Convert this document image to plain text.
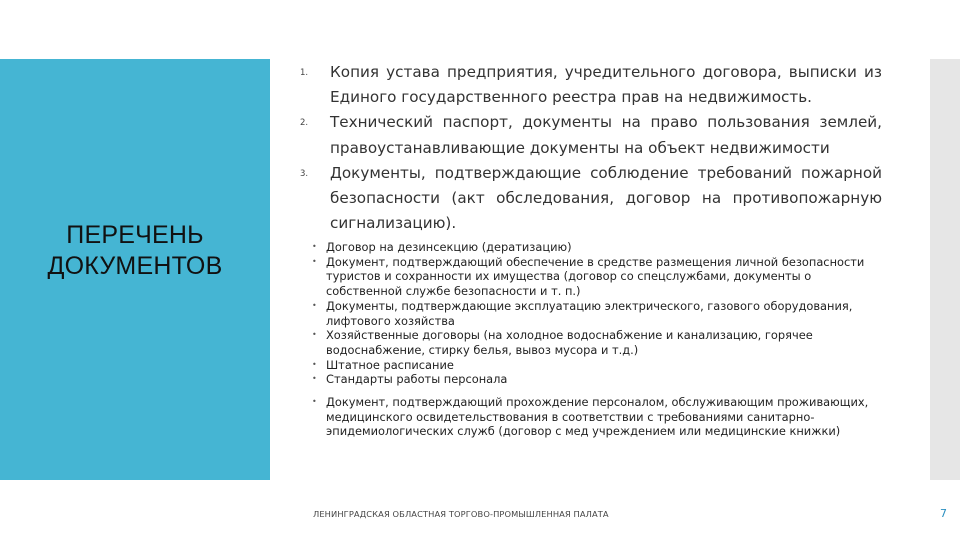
ПЕРЕЧЕНЬ ДОКУМЕНТОВ
1. Копия устава предприятия, учредительного договора, выписки из Единого государственного реестра прав на недвижимость.
2. Технический паспорт, документы на право пользования землей, правоустанавливающие документы на объект недвижимости
3. Документы, подтверждающие соблюдение требований пожарной безопасности (акт обследования, договор на противопожарную сигнализацию).
• Договор на дезинсекцию (дератизацию)
• Документ, подтверждающий обеспечение в средстве размещения личной безопасности туристов и сохранности их имущества (договор со спецслужбами, документы о собственной службе безопасности и т. п.)
• Документы, подтверждающие эксплуатацию электрического, газового оборудования, лифтового хозяйства
• Хозяйственные договоры (на холодное водоснабжение и канализацию, горячее водоснабжение, стирку белья, вывоз мусора и т.д.)
• Штатное расписание
• Стандарты работы персонала
• Документ, подтверждающий прохождение персоналом, обслуживающим проживающих, медицинского освидетельствования в соответствии с требованиями санитарно-эпидемиологических служб (договор с мед учреждением или медицинские книжки)
ЛЕНИНГРАДСКАЯ ОБЛАСТНАЯ ТОРГОВО-ПРОМЫШЛЕННАЯ ПАЛАТА	7
